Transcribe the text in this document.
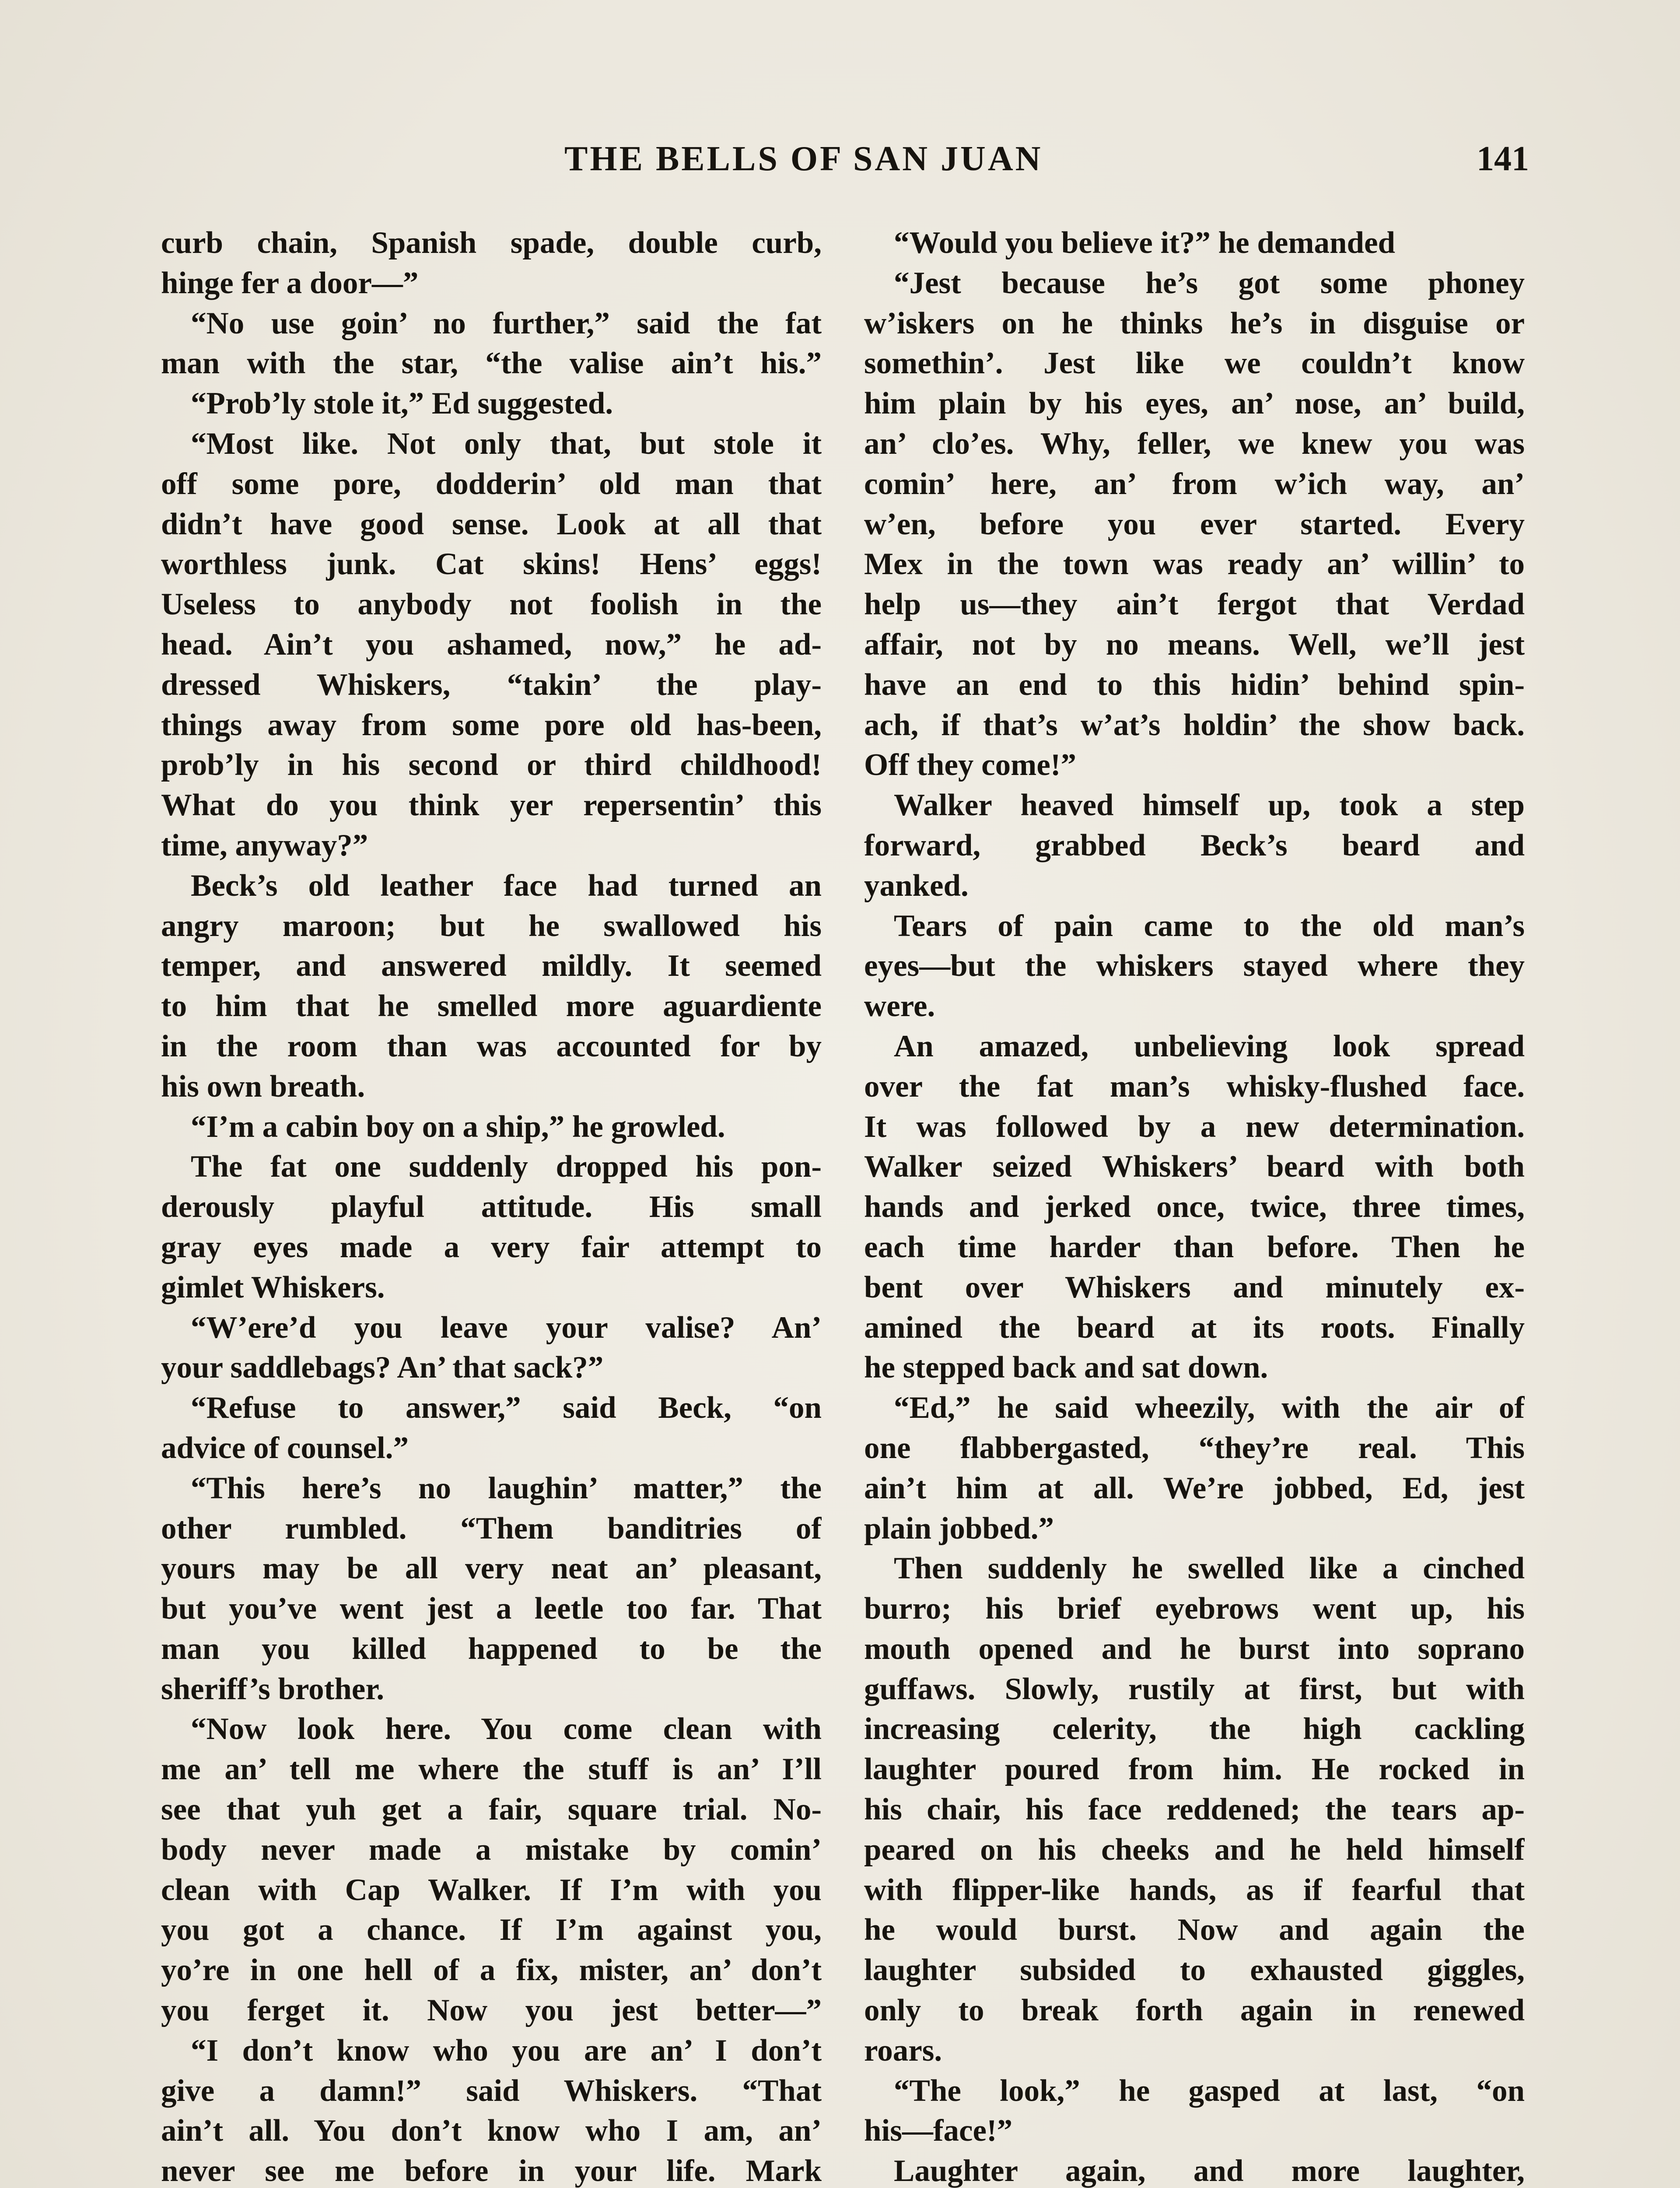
THE BELLS OF SAN JUAN	141
curb chain, Spanish spade, double curb,
hinge fer a door—”
“No use goin’ no further,” said the fat
man with the star, “the valise ain’t his.”
“Prob’ly stole it,” Ed suggested.
“Most like. Not only that, but stole it
off some pore, dodderin’ old man that
didn’t have good sense. Look at all that
worthless junk. Cat skins! Hens’ eggs!
Useless to anybody not foolish in the
head. Ain’t you ashamed, now,” he ad-
dressed Whiskers, “takin’ the play-
things away from some pore old has-been,
prob’ly in his second or third childhood!
What do you think yer repersentin’ this
time, anyway?”
Beck’s old leather face had turned an
angry maroon; but he swallowed his
temper, and answered mildly. It seemed
to him that he smelled more aguardiente
in the room than was accounted for by
his own breath.
“I’m a cabin boy on a ship,” he growled.
The fat one suddenly dropped his pon-
derously playful attitude. His small
gray eyes made a very fair attempt to
gimlet Whiskers.
“W’ere’d you leave your valise? An’
your saddlebags? An’ that sack?”
“Refuse to answer,” said Beck, “on
advice of counsel.”
“This here’s no laughin’ matter,” the
other rumbled. “Them banditries of
yours may be all very neat an’ pleasant,
but you’ve went jest a leetle too far. That
man you killed happened to be the
sheriff’s brother.
“Now look here. You come clean with
me an’ tell me where the stuff is an’ I’ll
see that yuh get a fair, square trial. No-
body never made a mistake by comin’
clean with Cap Walker. If I’m with you
you got a chance. If I’m against you,
yo’re in one hell of a fix, mister, an’ don’t
you ferget it. Now you jest better—”
“I don’t know who you are an’ I don’t
give a damn!” said Whiskers. “That
ain’t all. You don’t know who I am, an’
never see me before in your life. Mark
“Would you believe it?” he demanded
“Jest because he’s got some phoney
w’iskers on he thinks he’s in disguise or
somethin’. Jest like we couldn’t know
him plain by his eyes, an’ nose, an’ build,
an’ clo’es. Why, feller, we knew you was
comin’ here, an’ from w’ich way, an’
w’en, before you ever started. Every
Mex in the town was ready an’ willin’ to
help us—they ain’t fergot that Verdad
affair, not by no means. Well, we’ll jest
have an end to this hidin’ behind spin-
ach, if that’s w’at’s holdin’ the show back.
Off they come!”
Walker heaved himself up, took a step
forward, grabbed Beck’s beard and
yanked.
Tears of pain came to the old man’s
eyes—but the whiskers stayed where they
were.
An amazed, unbelieving look spread
over the fat man’s whisky-flushed face.
It was followed by a new determination.
Walker seized Whiskers’ beard with both
hands and jerked once, twice, three times,
each time harder than before. Then he
bent over Whiskers and minutely ex-
amined the beard at its roots. Finally
he stepped back and sat down.
“Ed,” he said wheezily, with the air of
one flabbergasted, “they’re real. This
ain’t him at all. We’re jobbed, Ed, jest
plain jobbed.”
Then suddenly he swelled like a cinched
burro; his brief eyebrows went up, his
mouth opened and he burst into soprano
guffaws. Slowly, rustily at first, but with
increasing celerity, the high cackling
laughter poured from him. He rocked in
his chair, his face reddened; the tears ap-
peared on his cheeks and he held himself
with flipper-like hands, as if fearful that
he would burst. Now and again the
laughter subsided to exhausted giggles,
only to break forth again in renewed
roars.
“The look,” he gasped at last, “on
his—face!”
Laughter again, and more laughter,
